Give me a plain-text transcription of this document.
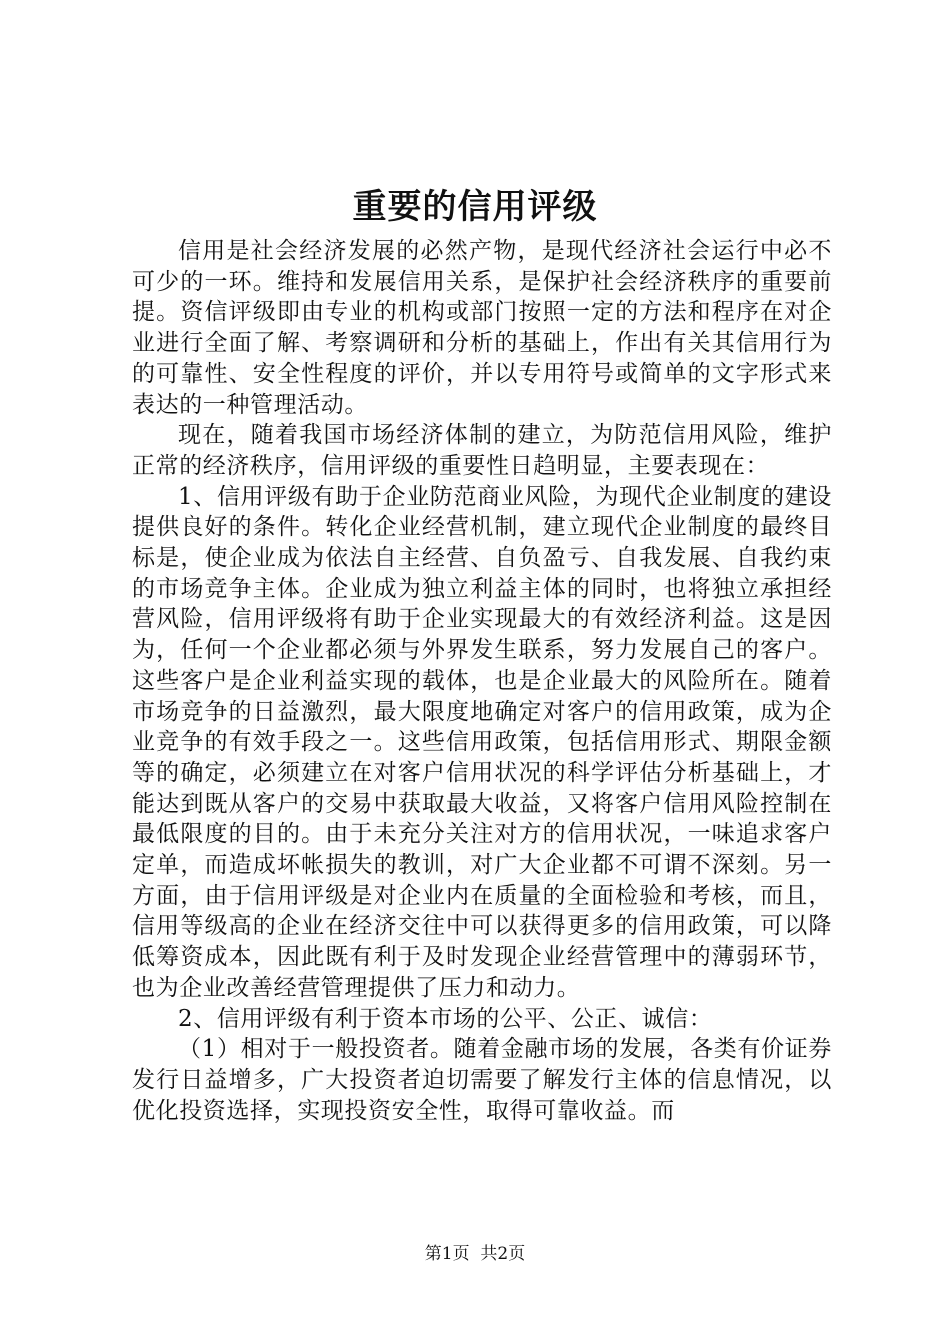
重要的信用评级

信用是社会经济发展的必然产物，是现代经济社会运行中必不可少的一环。维持和发展信用关系，是保护社会经济秩序的重要前提。资信评级即由专业的机构或部门按照一定的方法和程序在对企业进行全面了解、考察调研和分析的基础上，作出有关其信用行为的可靠性、安全性程度的评价，并以专用符号或简单的文字形式来表达的一种管理活动。

现在，随着我国市场经济体制的建立，为防范信用风险，维护正常的经济秩序，信用评级的重要性日趋明显，主要表现在：

1、信用评级有助于企业防范商业风险，为现代企业制度的建设提供良好的条件。转化企业经营机制，建立现代企业制度的最终目标是，使企业成为依法自主经营、自负盈亏、自我发展、自我约束的市场竞争主体。企业成为独立利益主体的同时，也将独立承担经营风险，信用评级将有助于企业实现最大的有效经济利益。这是因为，任何一个企业都必须与外界发生联系，努力发展自己的客户。这些客户是企业利益实现的载体，也是企业最大的风险所在。随着市场竞争的日益激烈，最大限度地确定对客户的信用政策，成为企业竞争的有效手段之一。这些信用政策，包括信用形式、期限金额等的确定，必须建立在对客户信用状况的科学评估分析基础上，才能达到既从客户的交易中获取最大收益，又将客户信用风险控制在最低限度的目的。由于未充分关注对方的信用状况，一味追求客户定单，而造成坏帐损失的教训，对广大企业都不可谓不深刻。另一方面，由于信用评级是对企业内在质量的全面检验和考核，而且，信用等级高的企业在经济交往中可以获得更多的信用政策，可以降低筹资成本，因此既有利于及时发现企业经营管理中的薄弱环节，也为企业改善经营管理提供了压力和动力。

2、信用评级有利于资本市场的公平、公正、诚信：

（1）相对于一般投资者。随着金融市场的发展，各类有价证券发行日益增多，广大投资者迫切需要了解发行主体的信息情况，以优化投资选择，实现投资安全性，取得可靠收益。而

第1页  共2页
